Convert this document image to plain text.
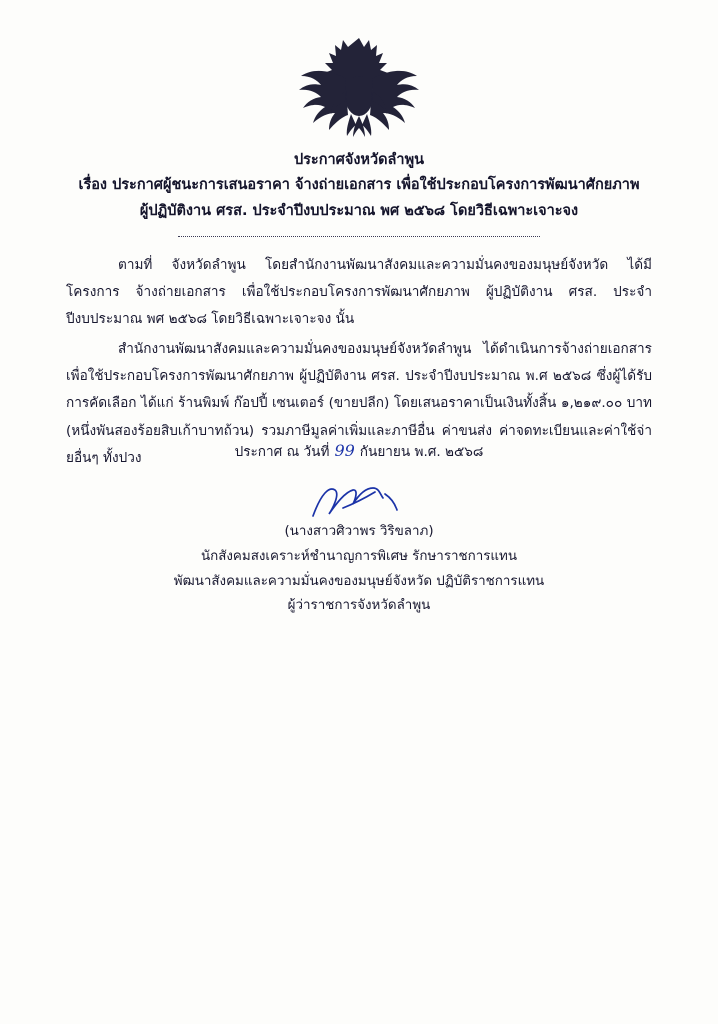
ประกาศจังหวัดลำพูน
เรื่อง ประกาศผู้ชนะการเสนอราคา จ้างถ่ายเอกสาร เพื่อใช้ประกอบโครงการพัฒนาศักยภาพ
ผู้ปฏิบัติงาน ศรส. ประจำปีงบประมาณ พศ ๒๕๖๘ โดยวิธีเฉพาะเจาะจง
ตามที่ จังหวัดลำพูน โดยสำนักงานพัฒนาสังคมและความมั่นคงของมนุษย์จังหวัด ได้มีโครงการ จ้างถ่ายเอกสาร เพื่อใช้ประกอบโครงการพัฒนาศักยภาพ ผู้ปฏิบัติงาน ศรส. ประจำปีงบประมาณ พศ ๒๕๖๘ โดยวิธีเฉพาะเจาะจง นั้น
สำนักงานพัฒนาสังคมและความมั่นคงของมนุษย์จังหวัดลำพูน ได้ดำเนินการจ้างถ่ายเอกสาร เพื่อใช้ประกอบโครงการพัฒนาศักยภาพ ผู้ปฏิบัติงาน ศรส. ประจำปีงบประมาณ พ.ศ ๒๕๖๘ ซึ่งผู้ได้รับการคัดเลือก ได้แก่ ร้านพิมพ์ ก๊อปปี้ เซนเตอร์ (ขายปลีก) โดยเสนอราคาเป็นเงินทั้งสิ้น ๑,๒๑๙.๐๐ บาท (หนึ่งพันสองร้อยสิบเก้าบาทถ้วน) รวมภาษีมูลค่าเพิ่มและภาษีอื่น ค่าขนส่ง ค่าจดทะเบียนและค่าใช้จ่ายอื่นๆ ทั้งปวง	ประกาศ ณ วันที่ 99 กันยายน พ.ศ. ๒๕๖๘
(นางสาวศิวาพร วิริขลาภ)
นักสังคมสงเคราะห์ชำนาญการพิเศษ รักษาราชการแทน
พัฒนาสังคมและความมั่นคงของมนุษย์จังหวัด ปฏิบัติราชการแทน
ผู้ว่าราชการจังหวัดลำพูน
